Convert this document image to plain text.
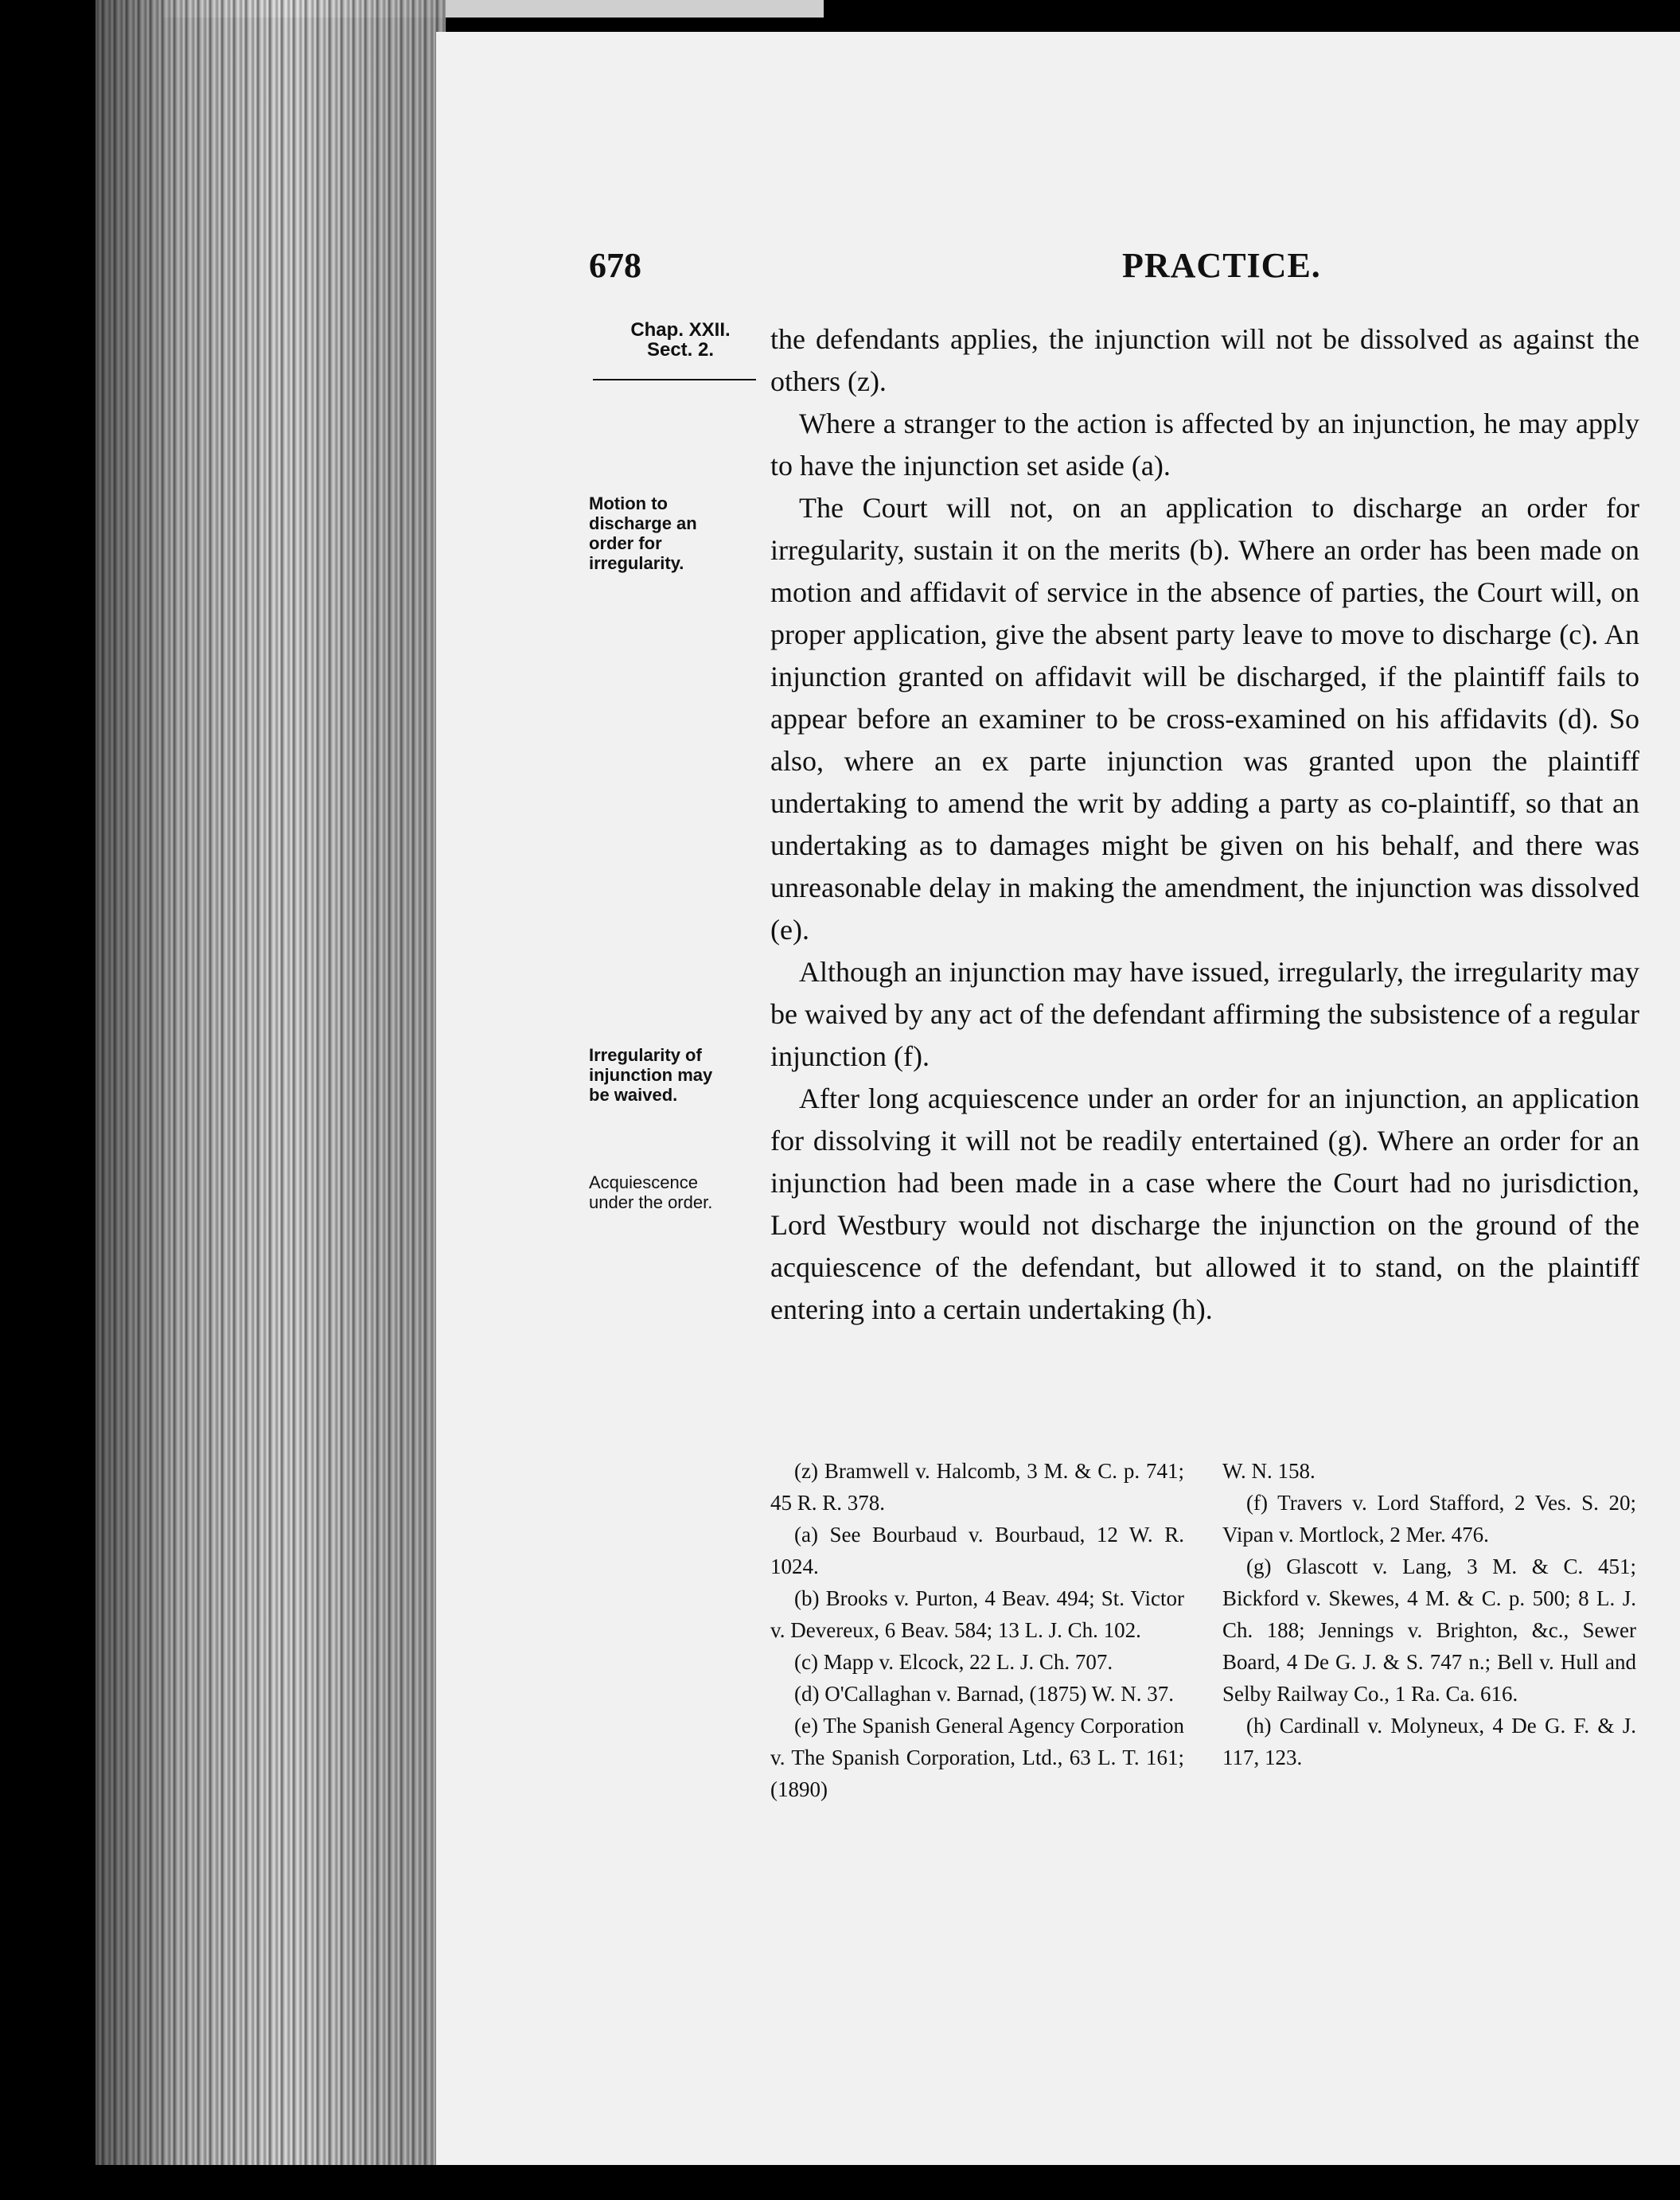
678	PRACTICE.
Chap. XXII.
Sect. 2.
Motion to
discharge an
order for
irregularity.
Irregularity of
injunction may
be waived.
Acquiescence
under the order.

the defendants applies, the injunction will not be dissolved as against the others (z).

Where a stranger to the action is affected by an injunction, he may apply to have the injunction set aside (a).

The Court will not, on an application to discharge an order for irregularity, sustain it on the merits (b). Where an order has been made on motion and affidavit of service in the absence of parties, the Court will, on proper application, give the absent party leave to move to discharge (c). An injunction granted on affidavit will be discharged, if the plaintiff fails to appear before an examiner to be cross-examined on his affidavits (d). So also, where an ex parte injunction was granted upon the plaintiff undertaking to amend the writ by adding a party as co-plaintiff, so that an undertaking as to damages might be given on his behalf, and there was unreasonable delay in making the amendment, the injunction was dissolved (e).

Although an injunction may have issued, irregularly, the irregularity may be waived by any act of the defendant affirming the subsistence of a regular injunction (f).

After long acquiescence under an order for an injunction, an application for dissolving it will not be readily entertained (g). Where an order for an injunction had been made in a case where the Court had no jurisdiction, Lord Westbury would not discharge the injunction on the ground of the acquiescence of the defendant, but allowed it to stand, on the plaintiff entering into a certain undertaking (h).

(z) Bramwell v. Halcomb, 3 M. & C. p. 741; 45 R. R. 378.

(a) See Bourbaud v. Bourbaud, 12 W. R. 1024.

(b) Brooks v. Purton, 4 Beav. 494; St. Victor v. Devereux, 6 Beav. 584; 13 L. J. Ch. 102.

(c) Mapp v. Elcock, 22 L. J. Ch. 707.

(d) O'Callaghan v. Barnad, (1875) W. N. 37.

(e) The Spanish General Agency Corporation v. The Spanish Corporation, Ltd., 63 L. T. 161; (1890)

W. N. 158.

(f) Travers v. Lord Stafford, 2 Ves. S. 20; Vipan v. Mortlock, 2 Mer. 476.

(g) Glascott v. Lang, 3 M. & C. 451; Bickford v. Skewes, 4 M. & C. p. 500; 8 L. J. Ch. 188; Jennings v. Brighton, &c., Sewer Board, 4 De G. J. & S. 747 n.; Bell v. Hull and Selby Railway Co., 1 Ra. Ca. 616.

(h) Cardinall v. Molyneux, 4 De G. F. & J. 117, 123.
